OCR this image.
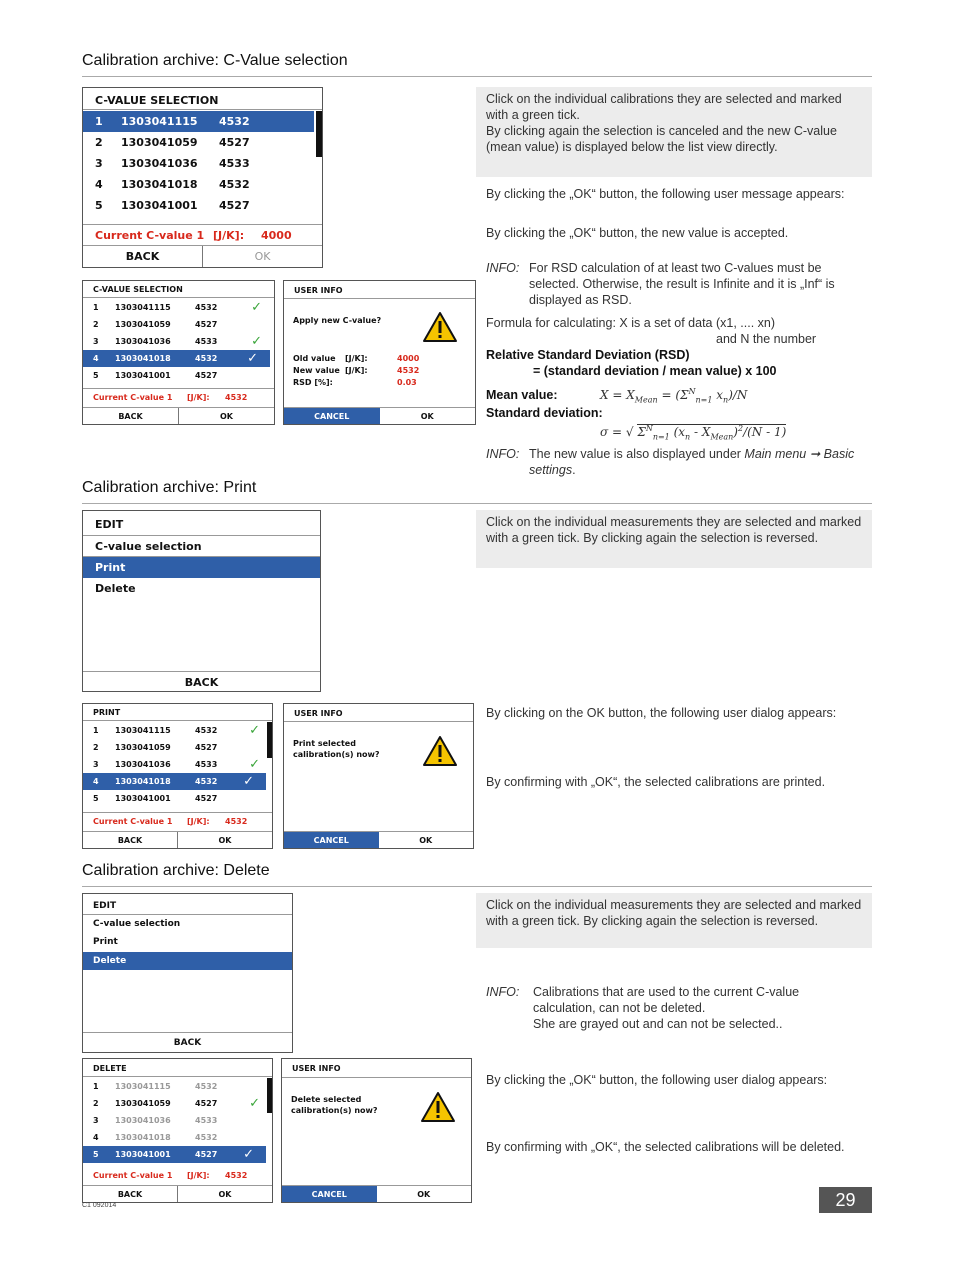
Calibration archive: C-Value selection
C-VALUE SELECTION
1	1303041115	4532
2	1303041059	4527
3	1303041036	4533
4	1303041018	4532
5	1303041001	4527
Current C-value 1 [J/K]:	4000
BACK	OK
Click on the individual calibrations they are selected and marked with a green tick.
By clicking again the selection is canceled and the new C-value (mean value) is displayed below the list view directly.
By clicking the „OK“ button, the following user message appears:
By clicking the „OK“ button, the new value is accepted.
C-VALUE SELECTION
1	1303041115	4532	✓
2	1303041059	4527
3	1303041036	4533	✓
4	1303041018	4532	✓
5	1303041001	4527
Current C-value 1	[J/K]:	4532
BACK	OK
USER INFO
Apply new C-value?
Old value	[J/K]:	4000
New value [J/K]:	4532
RSD [%]:	0.03
CANCEL	OK
INFO: For RSD calculation of at least two C-values must be selected. Otherwise, the result is Infinite and it is „Inf“ is displayed as RSD.
Formula for calculating: X is a set of data (x1, .... xn)
and N the number
Relative Standard Deviation (RSD)
= (standard deviation / mean value) x 100
Mean value:	$X = X_{Mean} = (\Sigma^N_{n=1}$ $x_n)/N$
Standard deviation:
σ = √ $\Sigma^N_{n=1}$ $(x_n - X_{Mean})^2/(N - 1)$
INFO: The new value is also displayed under Main menu ➞ Basic settings.
Calibration archive: Print
EDIT
C-value selection
Print
Delete
BACK
Click on the individual measurements they are selected and marked with a green tick. By clicking again the selection is reversed.
PRINT
1	1303041115	4532	✓
2	1303041059	4527
3	1303041036	4533	✓
4	1303041018	4532	✓
5	1303041001	4527
Current C-value 1	[J/K]:	4532
BACK	OK
USER INFO
Print selected
calibration(s) now?
CANCEL	OK
By clicking on the OK button, the following user dialog appears:
By confirming with „OK“, the selected calibrations are printed.
Calibration archive: Delete
EDIT
C-value selection
Print
Delete
BACK
Click on the individual measurements they are selected and marked with a green tick. By clicking again the selection is reversed.
INFO: Calibrations that are used to the current C-value calculation, can not be deleted.
She are grayed out and can not be selected..
DELETE
1	1303041115	4532
2	1303041059	4527	✓
3	1303041036	4533
4	1303041018	4532
5	1303041001	4527	✓
Current C-value 1	[J/K]:	4532
BACK	OK
USER INFO
Delete selected
calibration(s) now?
CANCEL	OK
By clicking the „OK“ button, the following user dialog appears:
By confirming with „OK“, the selected calibrations will be deleted.
C1 092014	29
